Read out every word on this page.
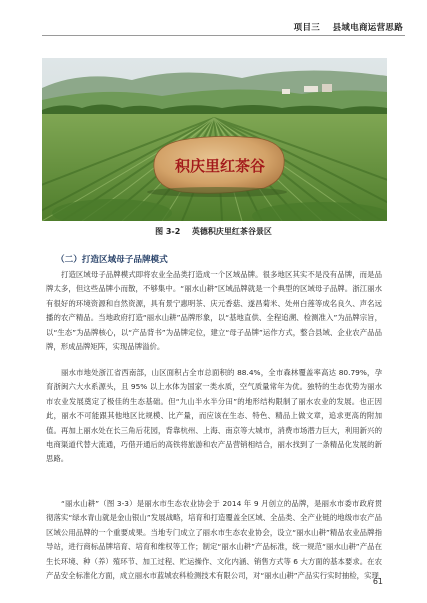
项目三 县域电商运营思路
积庆里红茶谷
图 3-2 英德积庆里红茶谷景区
（二）打造区域母子品牌模式

打造区域母子品牌模式即将农业全品类打造成一个区域品牌。很多地区其实不是没有品牌，而是品牌太多，但这些品牌小而散，不够集中。“丽水山耕”区域品牌就是一个典型的区域母子品牌。浙江丽水有很好的环境资源和自然资源，具有景宁惠明茶、庆元香菇、遂昌菊米、处州白莲等成名良久、声名远播的农产精品。当地政府打造“丽水山耕”品牌形象，以“基地直供、全程追溯、检测准入”为品牌宗旨，以“生态”为品牌核心，以“产品背书”为品牌定位，建立“母子品牌”运作方式，整合县域、企业农产品品牌，形成品牌矩阵，实现品牌溢价。

丽水市地处浙江省西南部，山区面积占全市总面积的 88.4%，全市森林覆盖率高达 80.79%，孕育浙闽六大水系源头，且 95% 以上水体为国家一类水质，空气质量常年为优。独特的生态优势为丽水市农业发展奠定了极佳的生态基础。但“九山半水半分田”的地形结构限制了丽水农业的发展。也正因此，丽水不可能跟其他地区比规模、比产量，而应该在生态、特色、精品上做文章，追求更高的附加值。再加上丽水处在长三角后花园，背靠杭州、上海、南京等大城市，消费市场潜力巨大，利用新兴的电商渠道代替大流通，巧借开通后的高铁将旅游和农产品营销相结合，丽水找到了一条精品化发展的新思路。

“丽水山耕”（图 3-3）是丽水市生态农业协会于 2014 年 9 月创立的品牌，是丽水市委市政府贯彻落实“绿水青山就是金山银山”发展战略，培育和打造覆盖全区域、全品类、全产业链的地级市农产品区域公用品牌的一个重要成果。当地专门成立了丽水市生态农业协会，设立“丽水山耕”精品农业品牌指导站，进行商标品牌培育、培育和维权等工作；制定“丽水山耕”产品标准，统一规范“丽水山耕”产品在生长环境、种（养）殖环节、加工过程、贮运操作、文化内涵、销售方式等 6 大方面的基本要求。在农产品安全标准化方面，成立丽水市蓝城农科检测技术有限公司，对“丽水山耕”产品实行实时抽检，实现

61
